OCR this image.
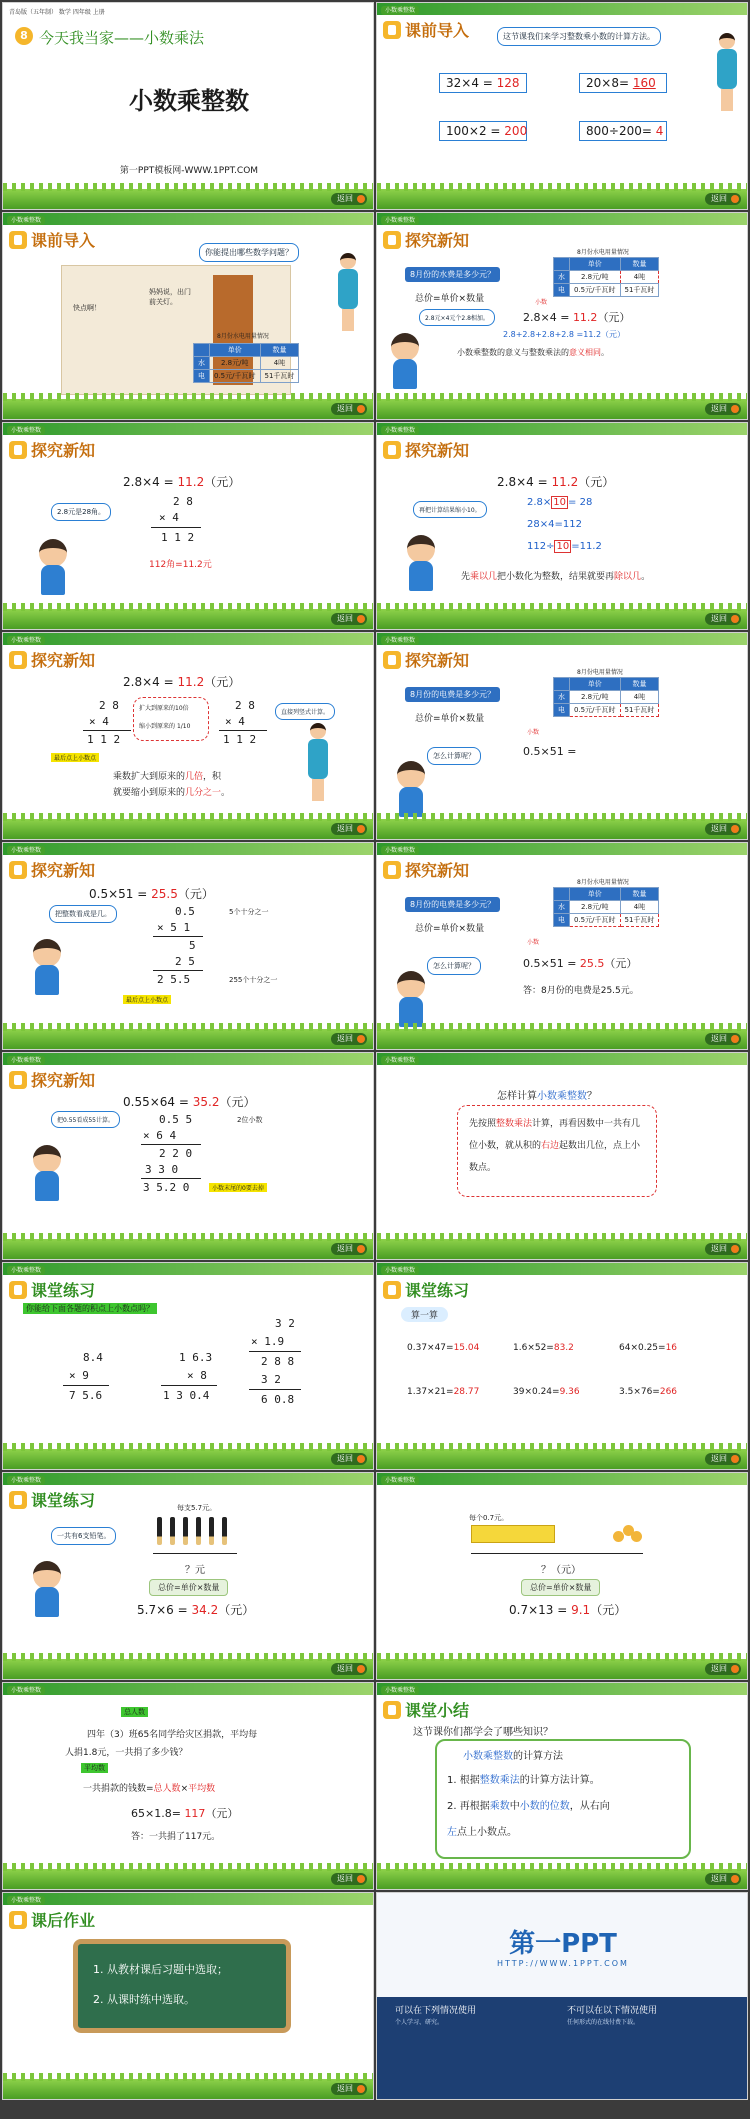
青岛版（五年制） 数学 四年级 上册
8 今天我当家——小数乘法
小数乘整数
第一PPT模板网-WWW.1PPT.COM
返回
小数乘整数
课前导入	这节课我们来学习整数乘小数的计算方法。
32×4 = 128	20×8= 160
100×2 = 200	800÷200= 4
返回
小数乘整数
课前导入
你能提出哪些数学问题？
快点啊！
妈妈说，出门前关灯。
8月份水电用量情况
	单价	数量
水	2.8元/吨	4吨
电	0.5元/千瓦时	51千瓦时
返回
小数乘整数
探究新知
8月份水电用量情况
	单价	数量
水	2.8元/吨	4吨
电	0.5元/千瓦时	51千瓦时
8月份的水费是多少元？
总价=单价×数量	小数
2.8×4 = 11.2（元）
2.8元×4元个2.8相加。
2.8+2.8+2.8+2.8 =11.2（元）
小数乘整数的意义与整数乘法的意义相同。
返回
小数乘整数
探究新知
2.8×4 = 11.2（元）
2 8
× 4
1 1 2
2.8元是28角。
112角=11.2元
返回
小数乘整数
探究新知
2.8×4 = 11.2（元）
2.8× 10 = 28
28×4=112
112÷ 10 =11.2
再把计算结果缩小10。
先乘以几把小数化为整数，结果就要再除以几。
返回
小数乘整数
探究新知
2.8×4 = 11.2（元）
2 8
× 4
1 1 2
扩大到原来的10倍
缩小到原来的 1/10
2 8
× 4
1 1 2
直接列竖式计算。
最后点上小数点
乘数扩大到原来的几倍，积
就要缩小到原来的几分之一。
返回
小数乘整数
探究新知
8月份电用量情况
	单价	数量
水	2.8元/吨	4吨
电	0.5元/千瓦时	51千瓦时
8月份的电费是多少元？
总价=单价×数量
小数
怎么计算呢？	0.5×51 =
返回
小数乘整数
探究新知
0.5×51 = 25.5（元）
0.5
× 5 1
5
2 5
2 5.5
5个十分之一
255个十分之一
把整数看成是几。
最后点上小数点
返回
小数乘整数
探究新知
8月份水电用量情况
	单价	数量
水	2.8元/吨	4吨
电	0.5元/千瓦时	51千瓦时
8月份的电费是多少元？
总价=单价×数量
小数
怎么计算呢？	0.5×51 = 25.5（元）
答：8月份的电费是25.5元。
返回
小数乘整数
探究新知
0.55×64 = 35.2（元）
0.5 5
× 6 4
2 2 0
3 3 0
3 5.2 0
2位小数
小数末尾的0要去掉
把0.55看成55计算。
返回
小数乘整数
怎样计算小数乘整数？
先按照整数乘法计算，再看因数中一共有几位小数，就从积的右边起数出几位，点上小数点。
返回
小数乘整数
课堂练习
你能给下面各题的积点上小数点吗？
8.4
× 9
7 5.6
1 6.3
× 8
1 3 0.4
3 2
× 1.9
2 8 8
3 2
6 0.8
返回
小数乘整数
课堂练习
算一算
0.37×47=15.04	1.6×52=83.2	64×0.25=16
1.37×21=28.77	39×0.24=9.36	3.5×76=266
返回
小数乘整数
课堂练习	每支5.7元。
？元
一共有6支铅笔。
总价=单价×数量
5.7×6 = 34.2（元）
返回
小数乘整数
每个0.7元。
？（元）
总价=单价×数量
0.7×13 = 9.1（元）
返回
小数乘整数
总人数
四年（3）班65名同学给灾区捐款，平均每
人捐1.8元，一共捐了多少钱？
平均数
一共捐款的钱数=总人数×平均数
65×1.8= 117（元）
答：一共捐了117元。
返回
小数乘整数
课堂小结
这节课你们都学会了哪些知识？
小数乘整数的计算方法
1. 根据整数乘法的计算方法计算。
2. 再根据乘数中小数的位数，从右向
左点上小数点。
返回
小数乘整数
课后作业
1. 从教材课后习题中选取；
2. 从课时练中选取。
返回
第一PPT
HTTP://WWW.1PPT.COM
可以在下列情况使用
个人学习、研究。
不可以在以下情况使用
任何形式的在线付费下载。
